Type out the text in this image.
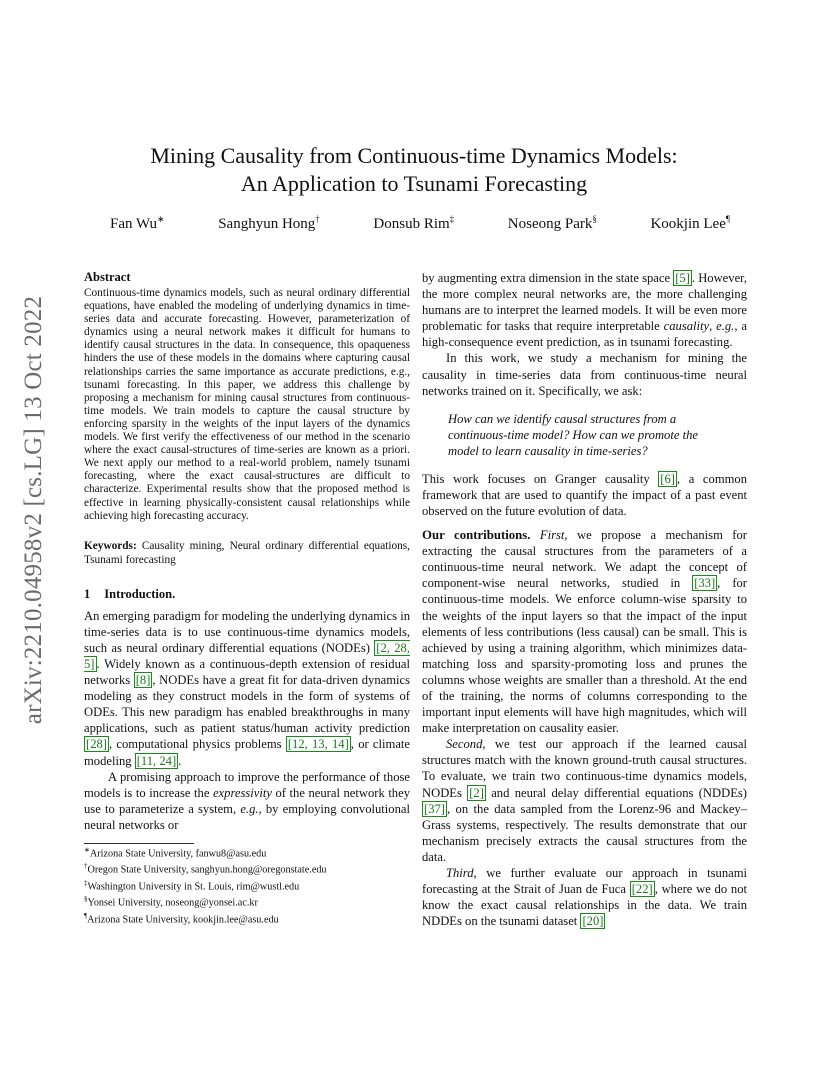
arXiv:2210.04958v2 [cs.LG] 13 Oct 2022
Mining Causality from Continuous-time Dynamics Models:
An Application to Tsunami Forecasting
Fan Wu∗	Sanghyun Hong†	Donsub Rim‡	Noseong Park§	Kookjin Lee¶
Abstract

Continuous-time dynamics models, such as neural ordinary differential equations, have enabled the modeling of underlying dynamics in time-series data and accurate forecasting. However, parameterization of dynamics using a neural network makes it difficult for humans to identify causal structures in the data. In consequence, this opaqueness hinders the use of these models in the domains where capturing causal relationships carries the same importance as accurate predictions, e.g., tsunami forecasting. In this paper, we address this challenge by proposing a mechanism for mining causal structures from continuous-time models. We train models to capture the causal structure by enforcing sparsity in the weights of the input layers of the dynamics models. We first verify the effectiveness of our method in the scenario where the exact causal-structures of time-series are known as a priori. We next apply our method to a real-world problem, namely tsunami forecasting, where the exact causal-structures are difficult to characterize. Experimental results show that the proposed method is effective in learning physically-consistent causal relationships while achieving high forecasting accuracy.

Keywords: Causality mining, Neural ordinary differential equations, Tsunami forecasting
1 Introduction.

An emerging paradigm for modeling the underlying dynamics in time-series data is to use continuous-time dynamics models, such as neural ordinary differential equations (NODEs) [2, 28, 5] . Widely known as a continuous-depth extension of residual networks [8] , NODEs have a great fit for data-driven dynamics modeling as they construct models in the form of systems of ODEs. This new paradigm has enabled breakthroughs in many applications, such as patient status/human activity prediction [28] , computational physics problems [12, 13, 14] , or climate modeling [11, 24] .

A promising approach to improve the performance of those models is to increase the expressivity of the neural network they use to parameterize a system, e.g., by employing convolutional neural networks or

∗Arizona State University, fanwu8@asu.edu
†Oregon State University, sanghyun.hong@oregonstate.edu
‡Washington University in St. Louis, rim@wustl.edu
§Yonsei University, noseong@yonsei.ac.kr
¶Arizona State University, kookjin.lee@asu.edu

by augmenting extra dimension in the state space [5] . However, the more complex neural networks are, the more challenging humans are to interpret the learned models. It will be even more problematic for tasks that require interpretable causality, e.g., a high-consequence event prediction, as in tsunami forecasting.

In this work, we study a mechanism for mining the causality in time-series data from continuous-time neural networks trained on it. Specifically, we ask:

How can we identify causal structures from a continuous-time model? How can we promote the model to learn causality in time-series?

This work focuses on Granger causality [6] , a common framework that are used to quantify the impact of a past event observed on the future evolution of data.

Our contributions. First, we propose a mechanism for extracting the causal structures from the parameters of a continuous-time neural network. We adapt the concept of component-wise neural networks, studied in [33] , for continuous-time models. We enforce column-wise sparsity to the weights of the input layers so that the impact of the input elements of less contributions (less causal) can be small. This is achieved by using a training algorithm, which minimizes data-matching loss and sparsity-promoting loss and prunes the columns whose weights are smaller than a threshold. At the end of the training, the norms of columns corresponding to the important input elements will have high magnitudes, which will make interpretation on causality easier.

Second, we test our approach if the learned causal structures match with the known ground-truth causal structures. To evaluate, we train two continuous-time dynamics models, NODEs [2] and neural delay differential equations (NDDEs) [37] , on the data sampled from the Lorenz-96 and Mackey–Grass systems, respectively. The results demonstrate that our mechanism precisely extracts the causal structures from the data.

Third, we further evaluate our approach in tsunami forecasting at the Strait of Juan de Fuca [22] , where we do not know the exact causal relationships in the data. We train NDDEs on the tsunami dataset [20]
